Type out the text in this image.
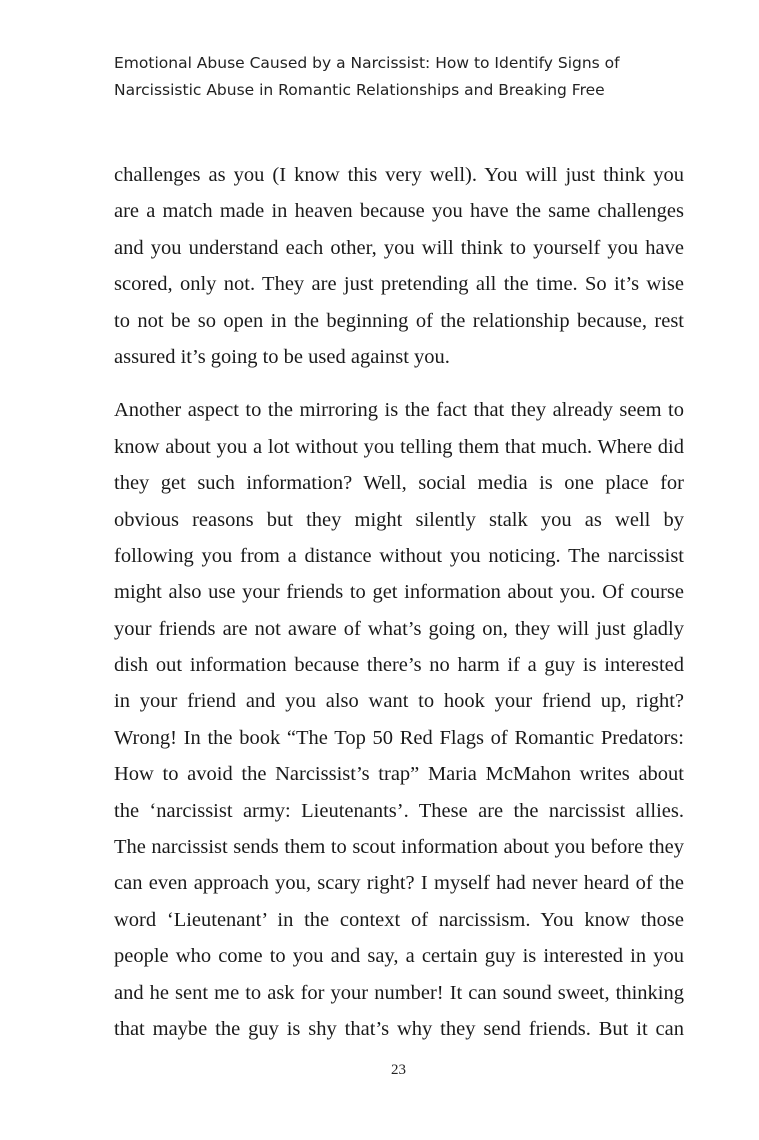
Emotional Abuse Caused by a Narcissist: How to Identify Signs of
Narcissistic Abuse in Romantic Relationships and Breaking Free
challenges as you (I know this very well). You will just think you
are a match made in heaven because you have the same challenges
and you understand each other, you will think to yourself you have
scored, only not. They are just pretending all the time. So it’s wise
to not be so open in the beginning of the relationship because, rest
assured it’s going to be used against you.
Another aspect to the mirroring is the fact that they already seem to
know about you a lot without you telling them that much. Where did
they get such information? Well, social media is one place for
obvious reasons but they might silently stalk you as well by
following you from a distance without you noticing. The narcissist
might also use your friends to get information about you. Of course
your friends are not aware of what’s going on, they will just gladly
dish out information because there’s no harm if a guy is interested
in your friend and you also want to hook your friend up, right?
Wrong! In the book “The Top 50 Red Flags of Romantic Predators:
How to avoid the Narcissist’s trap” Maria McMahon writes about
the ‘narcissist army: Lieutenants’. These are the narcissist allies.
The narcissist sends them to scout information about you before they
can even approach you, scary right? I myself had never heard of the
word ‘Lieutenant’ in the context of narcissism. You know those
people who come to you and say, a certain guy is interested in you
and he sent me to ask for your number! It can sound sweet, thinking
that maybe the guy is shy that’s why they send friends. But it can
23
